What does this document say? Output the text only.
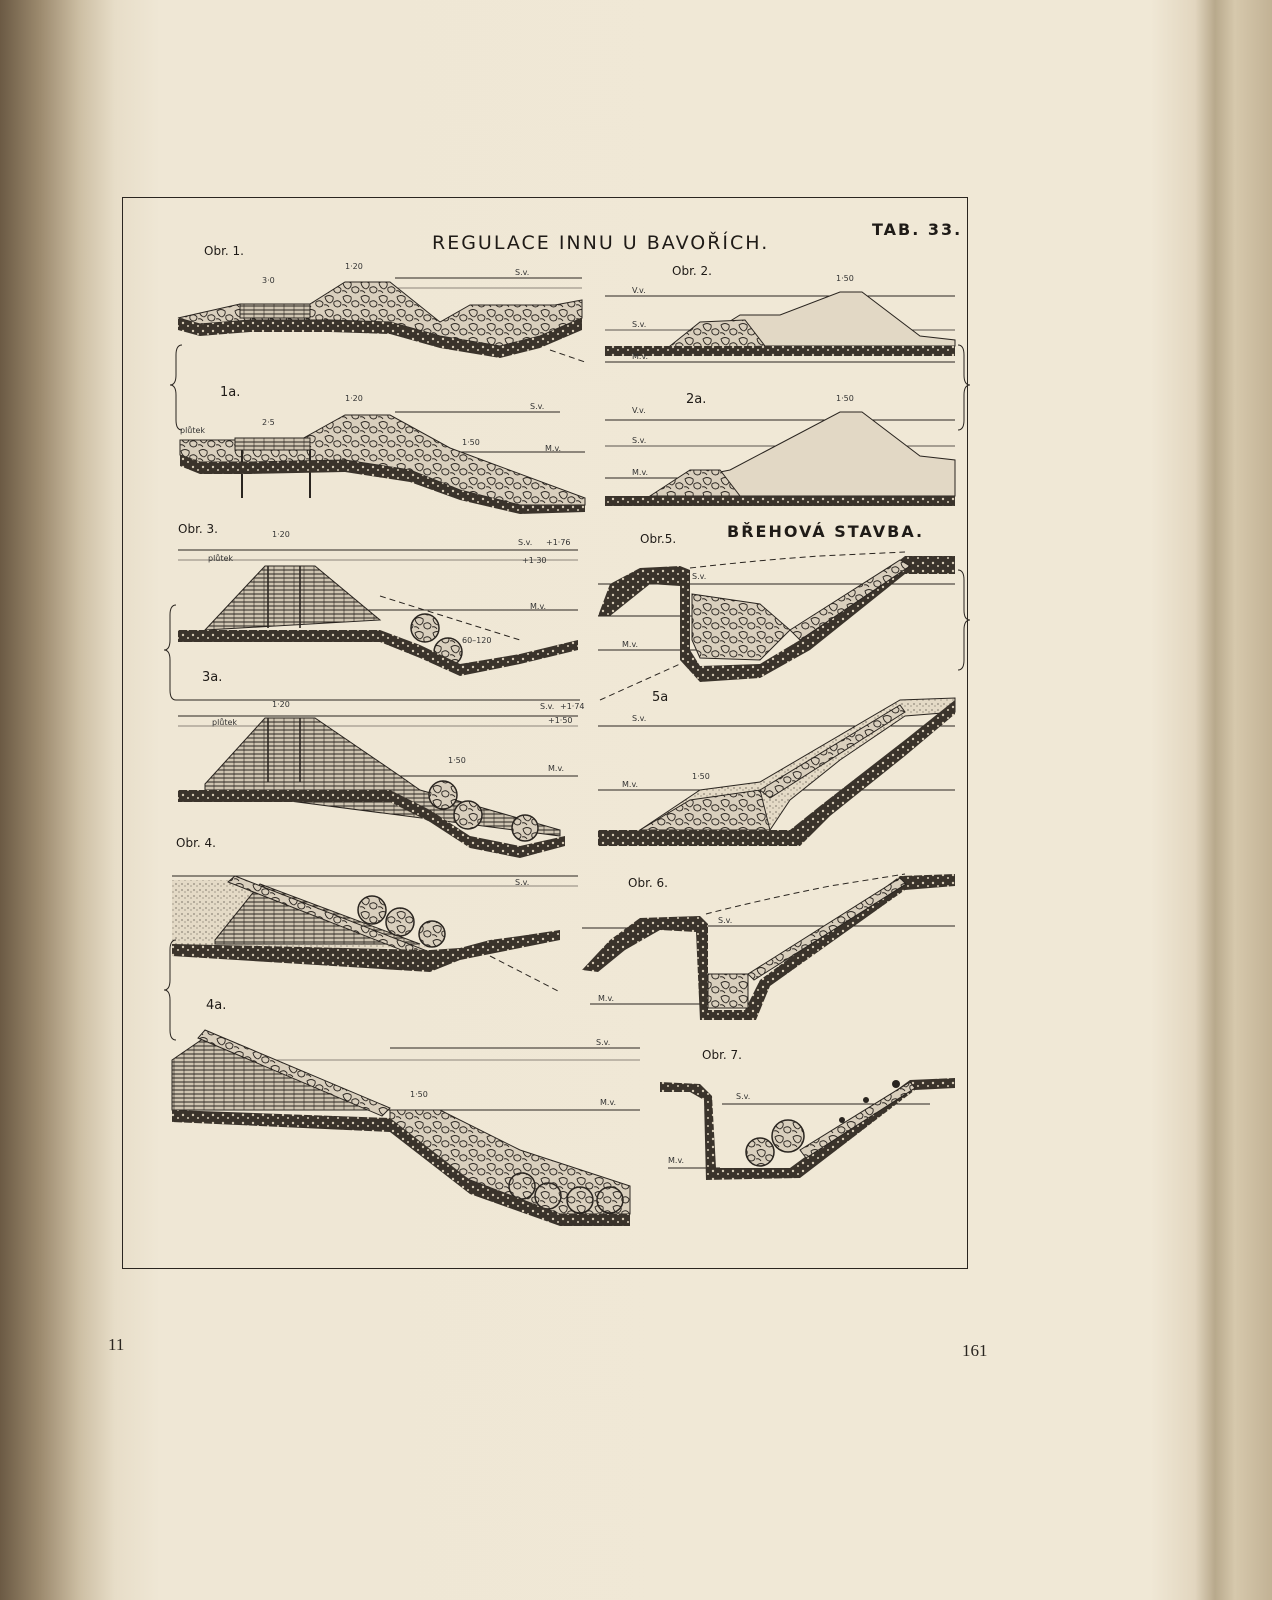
REGULACE INNU U BAVOŘÍCH.
TAB. 33.
BŘEHOVÁ STAVBA.
Obr. 1.
1a.
Obr. 2.
2a.
Obr. 3.
3a.
Obr. 4.
4a.
Obr.5.
5a
Obr. 6.
Obr. 7.
S.v.
1·20
3·0
V.v.
S.v.
M.v.
1·50
plůtek
2·5
1·20
1·50
S.v.
M.v.
V.v.
S.v.
M.v.
1·50
plůtek
1·20
S.v. +1·76
+1·30
M.v.
60–120
plůtek
1·20	S.v. +1·74
+1·50
1·50
M.v.
S.v.
M.v.
S.v.
M.v.
1·50
S.v.
S.v.
M.v.
1·50
S.v.
M.v.
S.v.
M.v.
11	161
